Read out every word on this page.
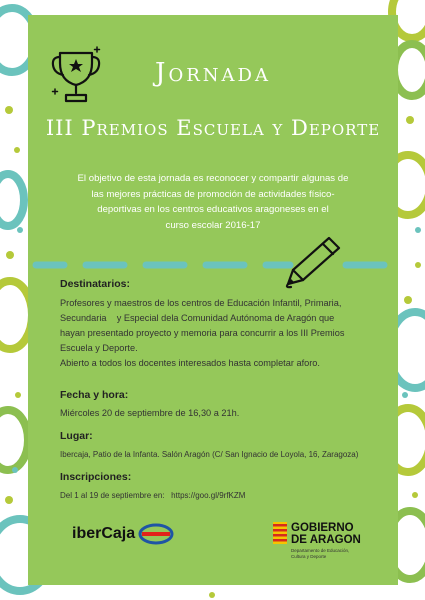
Jornada
III Premios Escuela y Deporte
El objetivo de esta jornada es reconocer y compartir algunas de
las mejores prácticas de promoción de actividades físico-
deportivas en los centros educativos aragoneses en el
curso escolar 2016-17
Destinatarios:
Profesores y maestros de los centros de Educación Infantil, Primaria,
Secundaria    y Especial dela Comunidad Autónoma de Aragón que
hayan presentado proyecto y memoria para concurrir a los III Premios
Escuela y Deporte.
Abierto a todos los docentes interesados hasta completar aforo.
Fecha y hora:
Miércoles 20 de septiembre de 16,30 a 21h.
Lugar:
Ibercaja, Patio de la Infanta. Salón Aragón (C/ San Ignacio de Loyola, 16, Zaragoza)
Inscripciones:
Del 1 al 19 de septiembre en:   https://goo.gl/9rfKZM
iberCaja	GOBIERNO
DE ARAGON
Departamento de Educación,
Cultura y Deporte
